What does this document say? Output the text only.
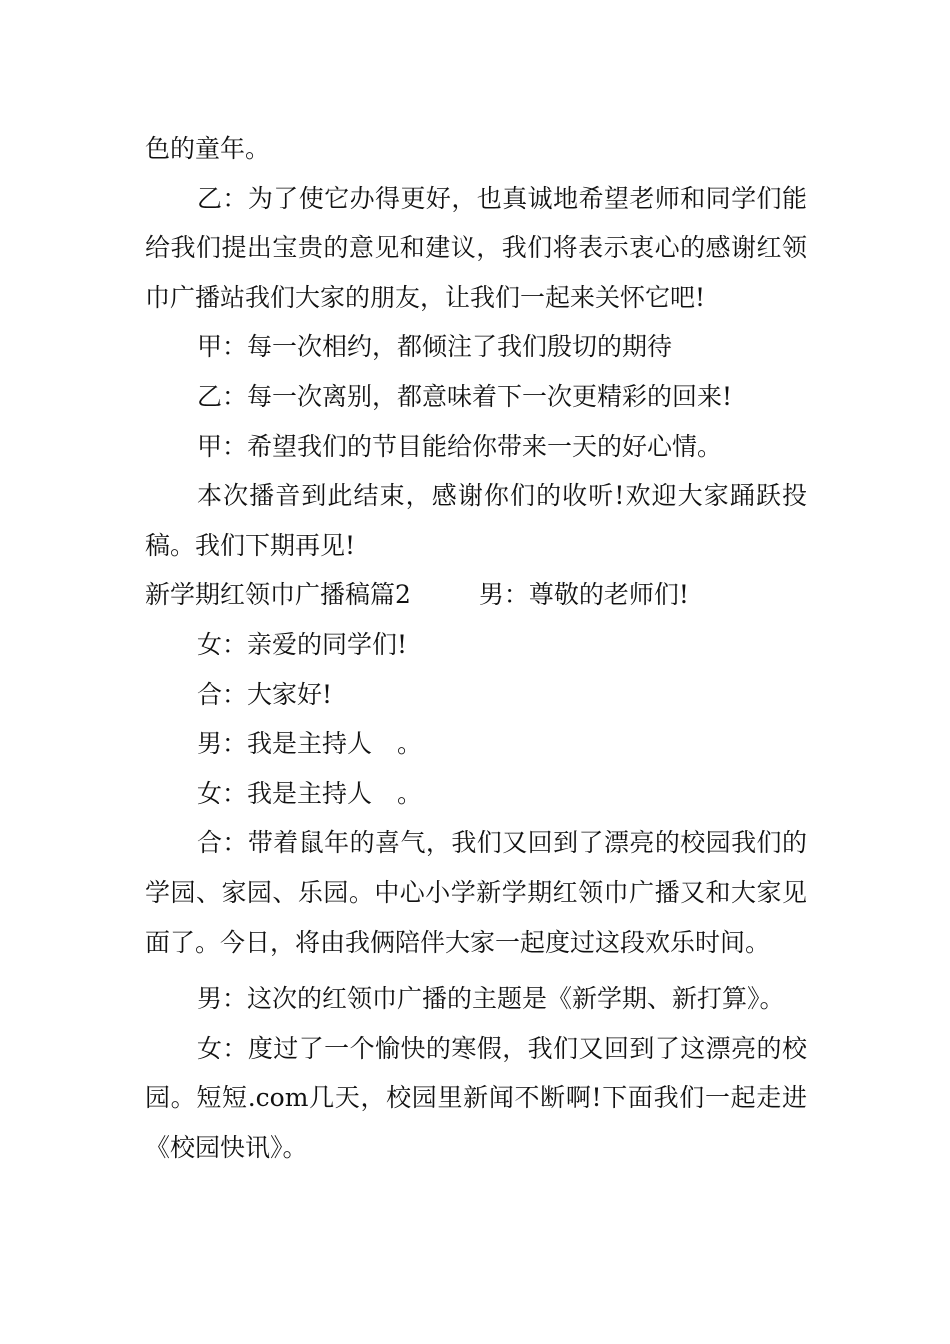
色的童年。

乙：为了使它办得更好，也真诚地希望老师和同学们能给我们提出宝贵的意见和建议，我们将表示衷心的感谢红领巾广播站我们大家的朋友，让我们一起来关怀它吧!

甲：每一次相约，都倾注了我们殷切的期待

乙：每一次离别，都意味着下一次更精彩的回来!

甲：希望我们的节目能给你带来一天的好心情。

本次播音到此结束，感谢你们的收听!欢迎大家踊跃投稿。我们下期再见!

新学期红领巾广播稿篇2	男：尊敬的老师们!

女：亲爱的同学们!

合：大家好!

男：我是主持人　。

女：我是主持人　。

合：带着鼠年的喜气，我们又回到了漂亮的校园我们的学园、家园、乐园。中心小学新学期红领巾广播又和大家见面了。今日，将由我俩陪伴大家一起度过这段欢乐时间。

男：这次的红领巾广播的主题是《新学期、新打算》。

女：度过了一个愉快的寒假，我们又回到了这漂亮的校园。短短.com几天，校园里新闻不断啊!下面我们一起走进《校园快讯》。
